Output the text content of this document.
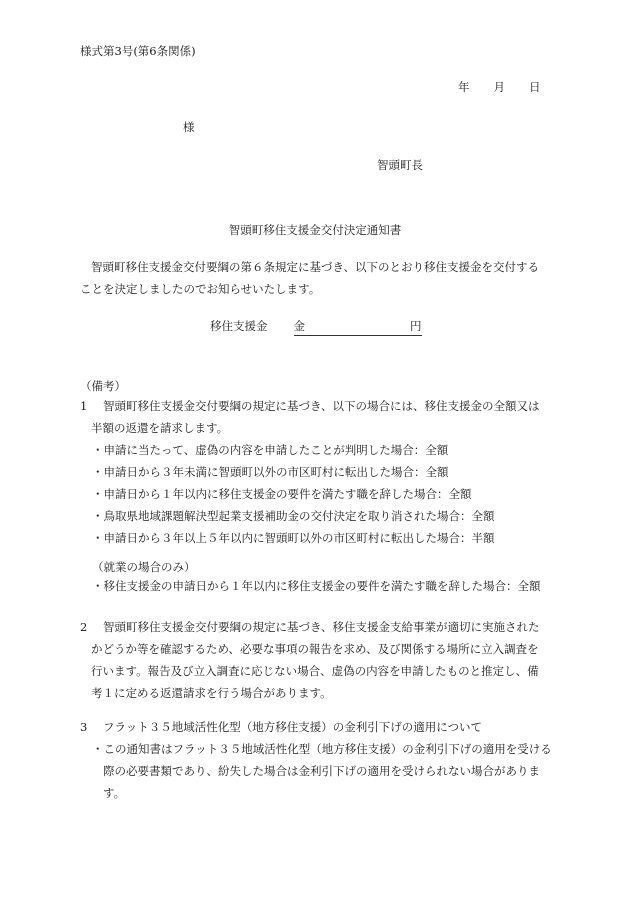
様式第3号(第6条関係)
年 月 日
様
智頭町長
智頭町移住支援金交付決定通知書

智頭町移住支援金交付要綱の第６条規定に基づき、以下のとおり移住支援金を交付する

ことを決定しましたのでお知らせいたします。

移住支援金 金	円
（備考）
1 智頭町移住支援金交付要綱の規定に基づき、以下の場合には、移住支援金の全額又は
半額の返還を請求します。
・申請に当たって、虚偽の内容を申請したことが判明した場合：全額
・申請日から３年未満に智頭町以外の市区町村に転出した場合：全額
・申請日から１年以内に移住支援金の要件を満たす職を辞した場合：全額
・鳥取県地域課題解決型起業支援補助金の交付決定を取り消された場合：全額
・申請日から３年以上５年以内に智頭町以外の市区町村に転出した場合：半額
（就業の場合のみ）
・移住支援金の申請日から１年以内に移住支援金の要件を満たす職を辞した場合：全額
2 智頭町移住支援金交付要綱の規定に基づき、移住支援金支給事業が適切に実施された
かどうか等を確認するため、必要な事項の報告を求め、及び関係する場所に立入調査を
行います。報告及び立入調査に応じない場合、虚偽の内容を申請したものと推定し、備
考１に定める返還請求を行う場合があります。
3 フラット３５地域活性化型（地方移住支援）の金利引下げの適用について
・この通知書はフラット３５地域活性化型（地方移住支援）の金利引下げの適用を受ける
際の必要書類であり、紛失した場合は金利引下げの適用を受けられない場合がありま
す。
